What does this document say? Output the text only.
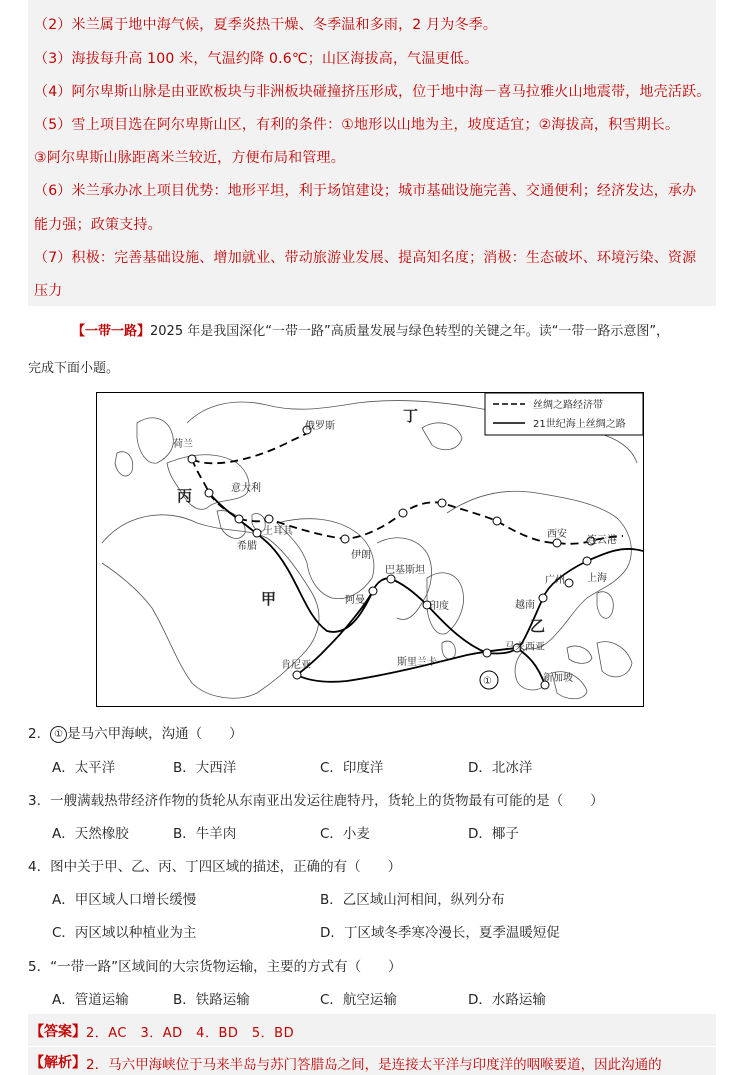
（2）米兰属于地中海气候，夏季炎热干燥、冬季温和多雨，2 月为冬季。
（3）海拔每升高 100 米，气温约降 0.6℃；山区海拔高，气温更低。
（4）阿尔卑斯山脉是由亚欧板块与非洲板块碰撞挤压形成，位于地中海－喜马拉雅火山地震带，地壳活跃。
（5）雪上项目选在阿尔卑斯山区，有利的条件：①地形以山地为主，坡度适宜；②海拔高，积雪期长。
③阿尔卑斯山脉距离米兰较近，方便布局和管理。
（6）米兰承办冰上项目优势：地形平坦，利于场馆建设；城市基础设施完善、交通便利；经济发达，承办
能力强；政策支持。
（7）积极：完善基础设施、增加就业、带动旅游业发展、提高知名度；消极：生态破坏、环境污染、资源
压力
【一带一路】2025 年是我国深化“一带一路”高质量发展与绿色转型的关键之年。读“一带一路示意图”，
完成下面小题。
丝绸之路经济带
21世纪海上丝绸之路
俄罗斯
荷兰
意大利
土耳其
希腊
伊朗
巴基斯坦
阿曼
印度
斯里兰卡
肯尼亚
西安
连云港
上海
广州
越南
马来西亚
新加坡
甲
乙
丙
丁
①
2． ① 是马六甲海峡，沟通（　　）
A．太平洋	B．大西洋	C．印度洋	D．北冰洋
3．一艘满载热带经济作物的货轮从东南亚出发运往鹿特丹，货轮上的货物最有可能的是（　　）
A．天然橡胶	B．牛羊肉	C．小麦	D．椰子
4．图中关于甲、乙、丙、丁四区域的描述，正确的有（　　）
A．甲区域人口增长缓慢	B．乙区域山河相间，纵列分布
C．丙区域以种植业为主	D．丁区域冬季寒冷漫长，夏季温暖短促
5．“一带一路”区域间的大宗货物运输，主要的方式有（　　）
A．管道运输	B．铁路运输	C．航空运输	D．水路运输
【答案】 2．AC　3．AD　4．BD　5．BD
【解析】 2．马六甲海峡位于马来半岛与苏门答腊岛之间，是连接太平洋与印度洋的咽喉要道，因此沟通的
